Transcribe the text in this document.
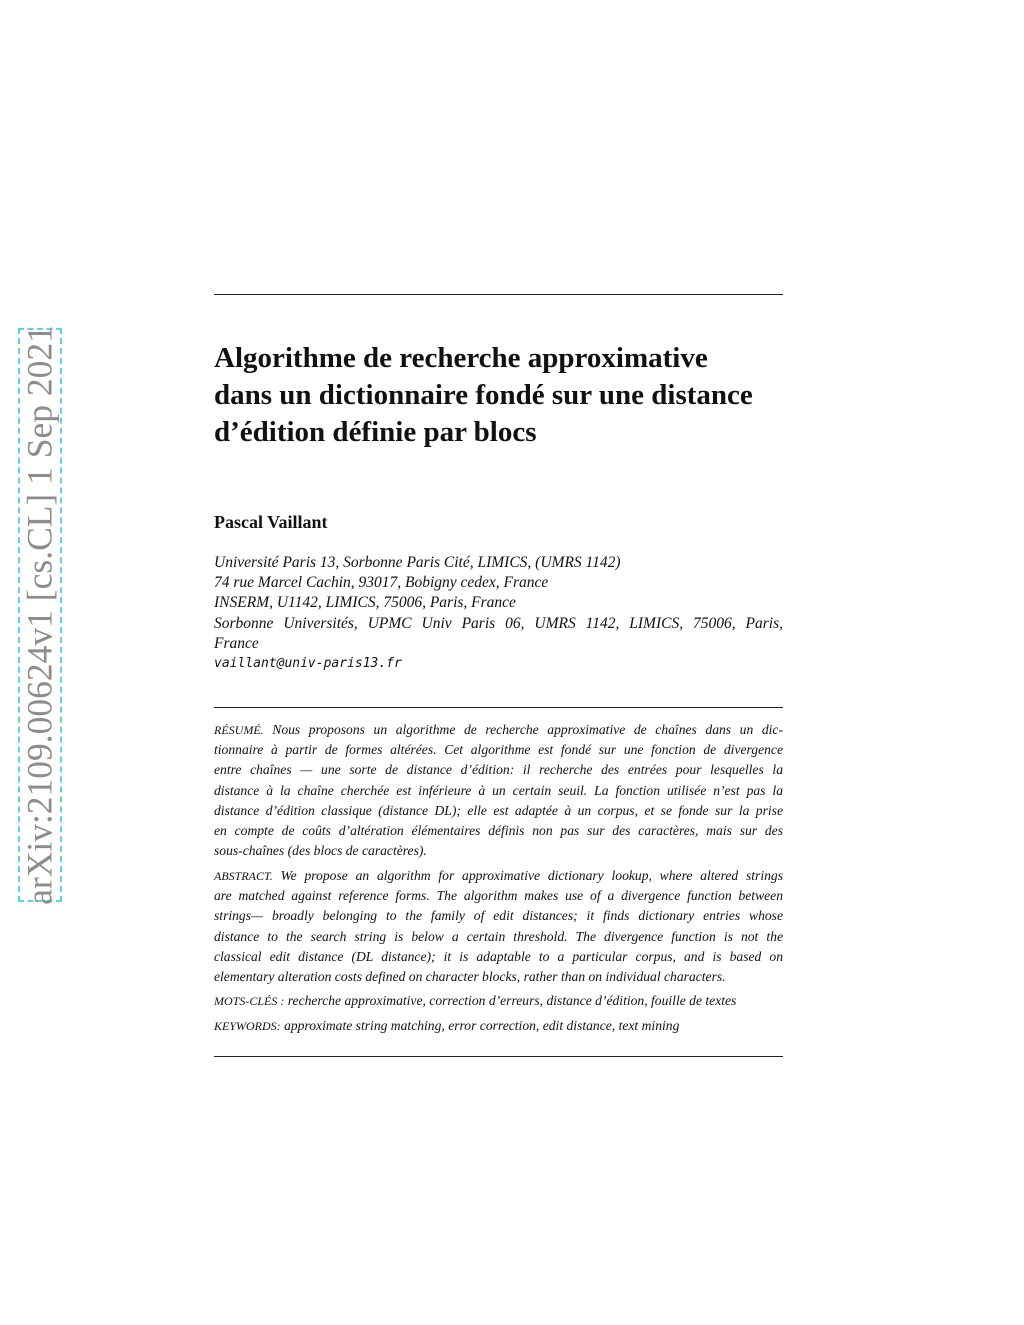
arXiv:2109.00624v1 [cs.CL] 1 Sep 2021	Algorithme de recherche approximative
dans un dictionnaire fondé sur une distance
d’édition définie par blocs

Pascal Vaillant

Université Paris 13, Sorbonne Paris Cité, LIMICS, (UMRS 1142)
74 rue Marcel Cachin, 93017, Bobigny cedex, France
INSERM, U1142, LIMICS, 75006, Paris, France
Sorbonne Universités, UPMC Univ Paris 06, UMRS 1142, LIMICS, 75006, Paris,
France
vaillant@univ-paris13.fr
RÉSUMÉ. Nous proposons un algorithme de recherche approximative de chaînes dans un dic-
tionnaire à partir de formes altérées. Cet algorithme est fondé sur une fonction de divergence
entre chaînes — une sorte de distance d’édition: il recherche des entrées pour lesquelles la
distance à la chaîne cherchée est inférieure à un certain seuil. La fonction utilisée n’est pas la
distance d’édition classique (distance DL); elle est adaptée à un corpus, et se fonde sur la prise
en compte de coûts d’altération élémentaires définis non pas sur des caractères, mais sur des
sous-chaînes (des blocs de caractères).
ABSTRACT. We propose an algorithm for approximative dictionary lookup, where altered strings
are matched against reference forms. The algorithm makes use of a divergence function between
strings— broadly belonging to the family of edit distances; it finds dictionary entries whose
distance to the search string is below a certain threshold. The divergence function is not the
classical edit distance (DL distance); it is adaptable to a particular corpus, and is based on
elementary alteration costs defined on character blocks, rather than on individual characters.
MOTS-CLÉS : recherche approximative, correction d’erreurs, distance d’édition, fouille de textes
KEYWORDS: approximate string matching, error correction, edit distance, text mining
